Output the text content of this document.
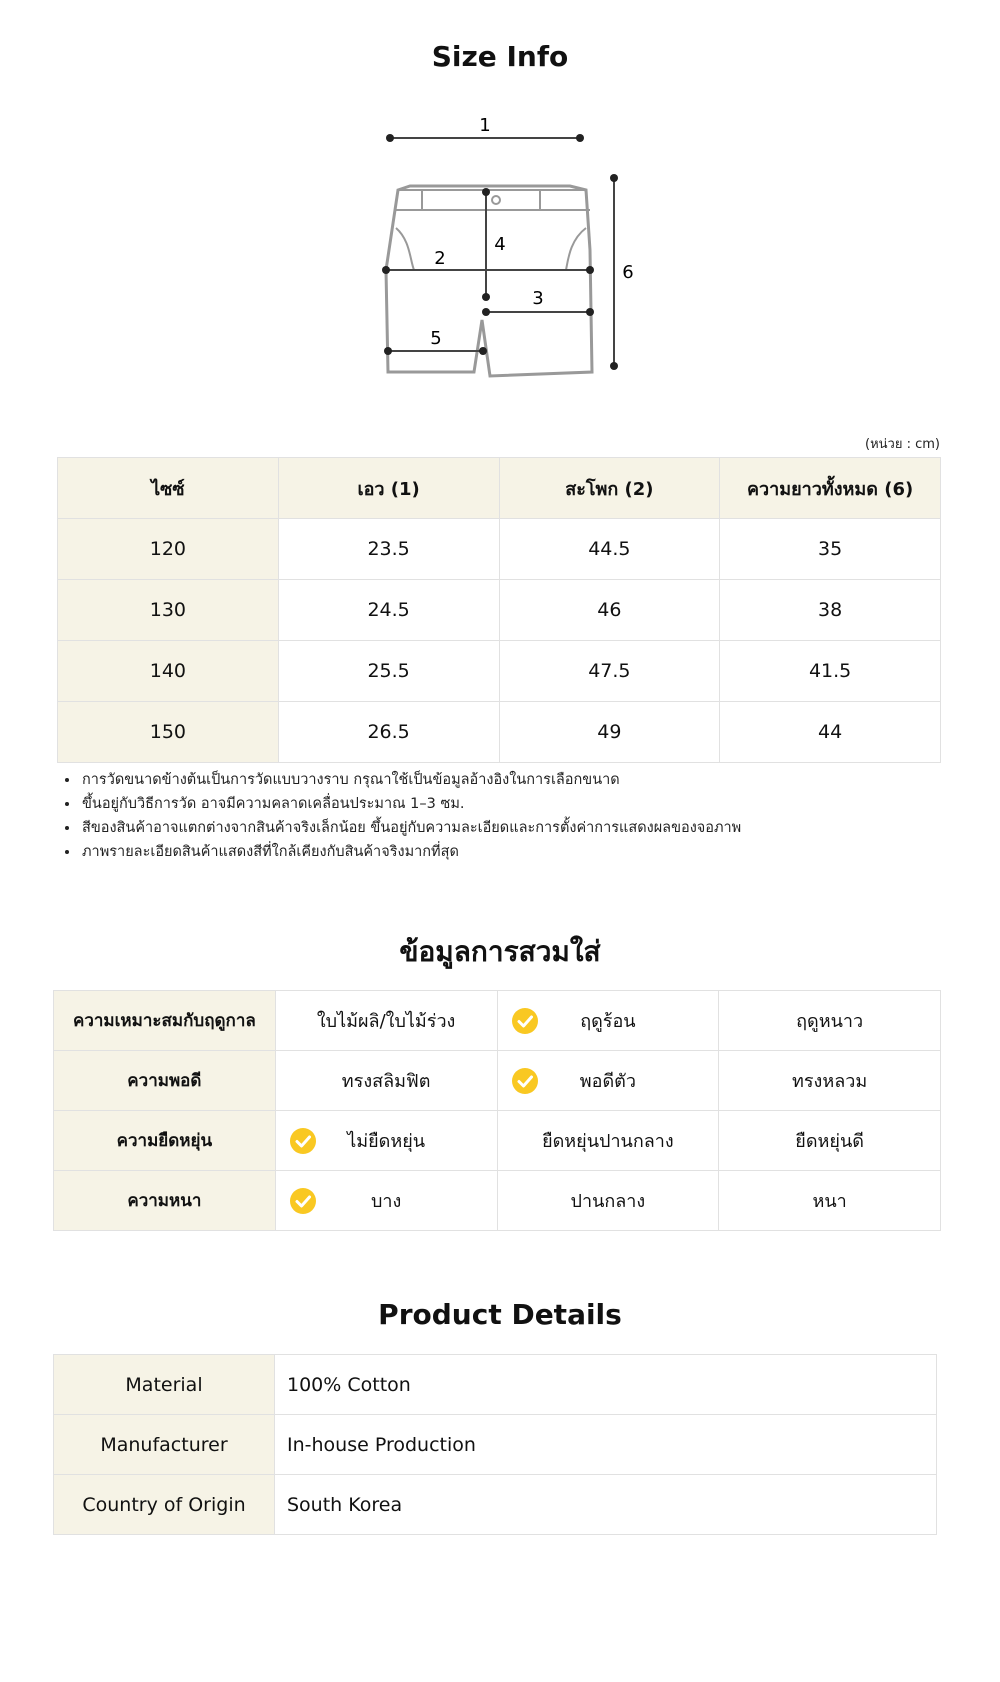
Size Info
1
2
4
3
5
6
(หน่วย : cm)
ไซซ์	เอว (1)	สะโพก (2)	ความยาวทั้งหมด (6)
120	23.5	44.5	35
130	24.5	46	38
140	25.5	47.5	41.5
150	26.5	49	44
• การวัดขนาดข้างต้นเป็นการวัดแบบวางราบ กรุณาใช้เป็นข้อมูลอ้างอิงในการเลือกขนาด
• ขึ้นอยู่กับวิธีการวัด อาจมีความคลาดเคลื่อนประมาณ 1–3 ซม.
• สีของสินค้าอาจแตกต่างจากสินค้าจริงเล็กน้อย ขึ้นอยู่กับความละเอียดและการตั้งค่าการแสดงผลของจอภาพ
• ภาพรายละเอียดสินค้าแสดงสีที่ใกล้เคียงกับสินค้าจริงมากที่สุด
ข้อมูลการสวมใส่
ความเหมาะสมกับฤดูกาล	ใบไม้ผลิ/ใบไม้ร่วง	ฤดูร้อน	ฤดูหนาว
ความพอดี	ทรงสลิมฟิต	พอดีตัว	ทรงหลวม
ความยืดหยุ่น	ไม่ยืดหยุ่น	ยืดหยุ่นปานกลาง	ยืดหยุ่นดี
ความหนา	บาง	ปานกลาง	หนา
Product Details
Material	100% Cotton
Manufacturer	In-house Production
Country of Origin	South Korea
